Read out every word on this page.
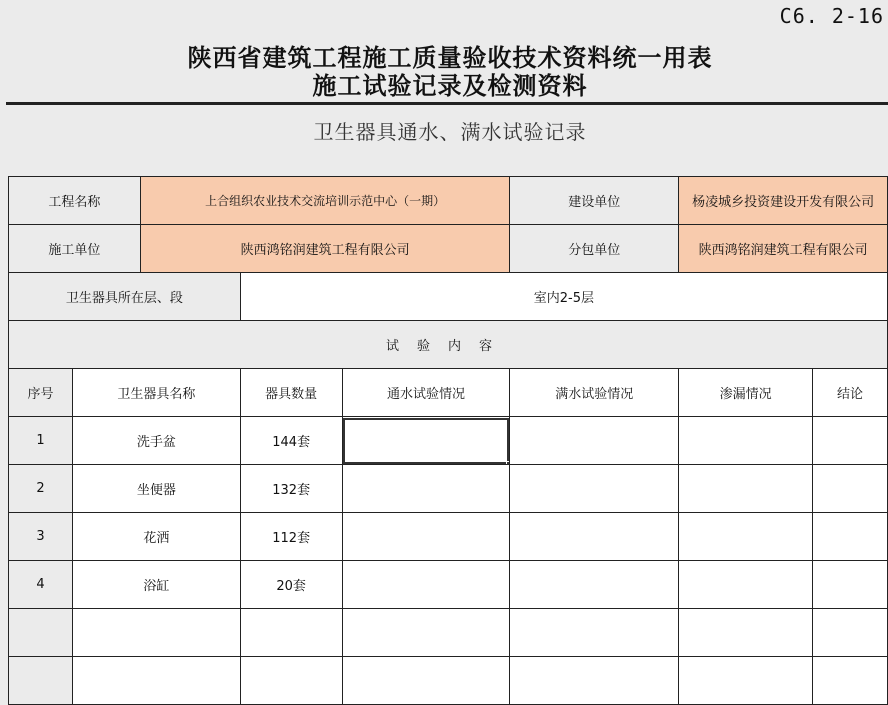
C6. 2-16
陕西省建筑工程施工质量验收技术资料统一用表
施工试验记录及检测资料
卫生器具通水、满水试验记录
工程名称		上合组织农业技术交流培训示范中心（一期）			建设单位	杨凌城乡投资建设开发有限公司	
施工单位		陕西鸿铭润建筑工程有限公司			分包单位	陕西鸿铭润建筑工程有限公司	
卫生器具所在层、段			室内2-5层				
试验内容							
序号	卫生器具名称		器具数量	通水试验情况	满水试验情况	渗漏情况	结论
1	洗手盆		144套	

2	坐便器		132套				
3	花洒		112套				
4	浴缸		20套				
